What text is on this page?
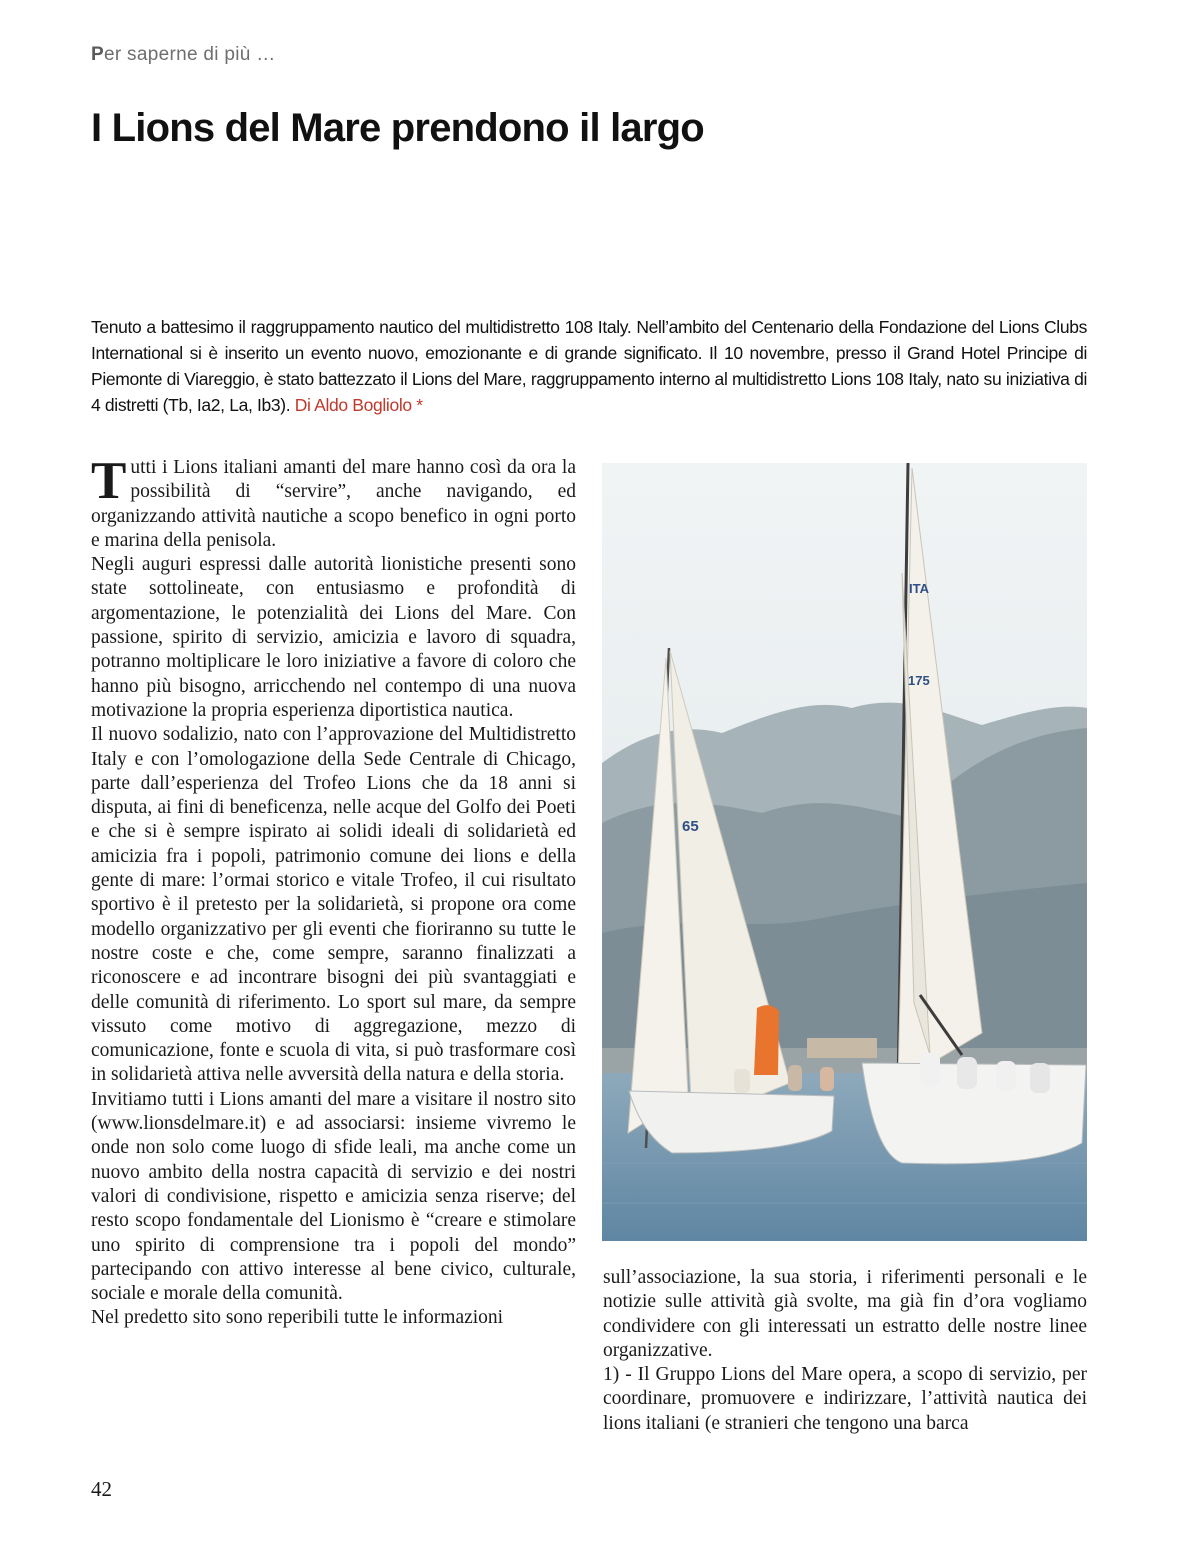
Per saperne di più …
I Lions del Mare prendono il largo

Tenuto a battesimo il raggruppamento nautico del multidistretto 108 Italy. Nell’ambito del Centenario della Fondazione del Lions Clubs International si è inserito un evento nuovo, emozionante e di grande significato. Il 10 novembre, presso il Grand Hotel Principe di Piemonte di Viareggio, è stato battezzato il Lions del Mare, raggruppamento interno al multidistretto Lions 108 Italy, nato su iniziativa di 4 distretti (Tb, Ia2, La, Ib3). Di Aldo Bogliolo *

Tutti i Lions italiani amanti del mare hanno così da ora la possibilità di “servire”, anche navigando, ed organizzando attività nautiche a scopo benefico in ogni porto e marina della penisola.

Negli auguri espressi dalle autorità lionistiche presenti sono state sottolineate, con entusiasmo e profondità di argomentazione, le potenzialità dei Lions del Mare. Con passione, spirito di servizio, amicizia e lavoro di squadra, potranno moltiplicare le loro iniziative a favore di coloro che hanno più bisogno, arricchendo nel contempo di una nuova motivazione la propria esperienza diportistica nautica.

Il nuovo sodalizio, nato con l’approvazione del Multidistretto Italy e con l’omologazione della Sede Centrale di Chicago, parte dall’esperienza del Trofeo Lions che da 18 anni si disputa, ai fini di beneficenza, nelle acque del Golfo dei Poeti e che si è sempre ispirato ai solidi ideali di solidarietà ed amicizia fra i popoli, patrimonio comune dei lions e della gente di mare: l’ormai storico e vitale Trofeo, il cui risultato sportivo è il pretesto per la solidarietà, si propone ora come modello organizzativo per gli eventi che fioriranno su tutte le nostre coste e che, come sempre, saranno finalizzati a riconoscere e ad incontrare bisogni dei più svantaggiati e delle comunità di riferimento. Lo sport sul mare, da sempre vissuto come motivo di aggregazione, mezzo di comunicazione, fonte e scuola di vita, si può trasformare così in solidarietà attiva nelle avversità della natura e della storia.

Invitiamo tutti i Lions amanti del mare a visitare il nostro sito (www.lionsdelmare.it) e ad associarsi: insieme vivremo le onde non solo come luogo di sfide leali, ma anche come un nuovo ambito della nostra capacità di servizio e dei nostri valori di condivisione, rispetto e amicizia senza riserve; del resto scopo fondamentale del Lionismo è “creare e stimolare uno spirito di comprensione tra i popoli del mondo” partecipando con attivo interesse al bene civico, culturale, sociale e morale della comunità.

Nel predetto sito sono reperibili tutte le informazioni

65
ITA
175

sull’associazione, la sua storia, i riferimenti personali e le notizie sulle attività già svolte, ma già fin d’ora vogliamo condividere con gli interessati un estratto delle nostre linee organizzative.

1) - Il Gruppo Lions del Mare opera, a scopo di servizio, per coordinare, promuovere e indirizzare, l’attività nautica dei lions italiani (e stranieri che tengono una barca

42
